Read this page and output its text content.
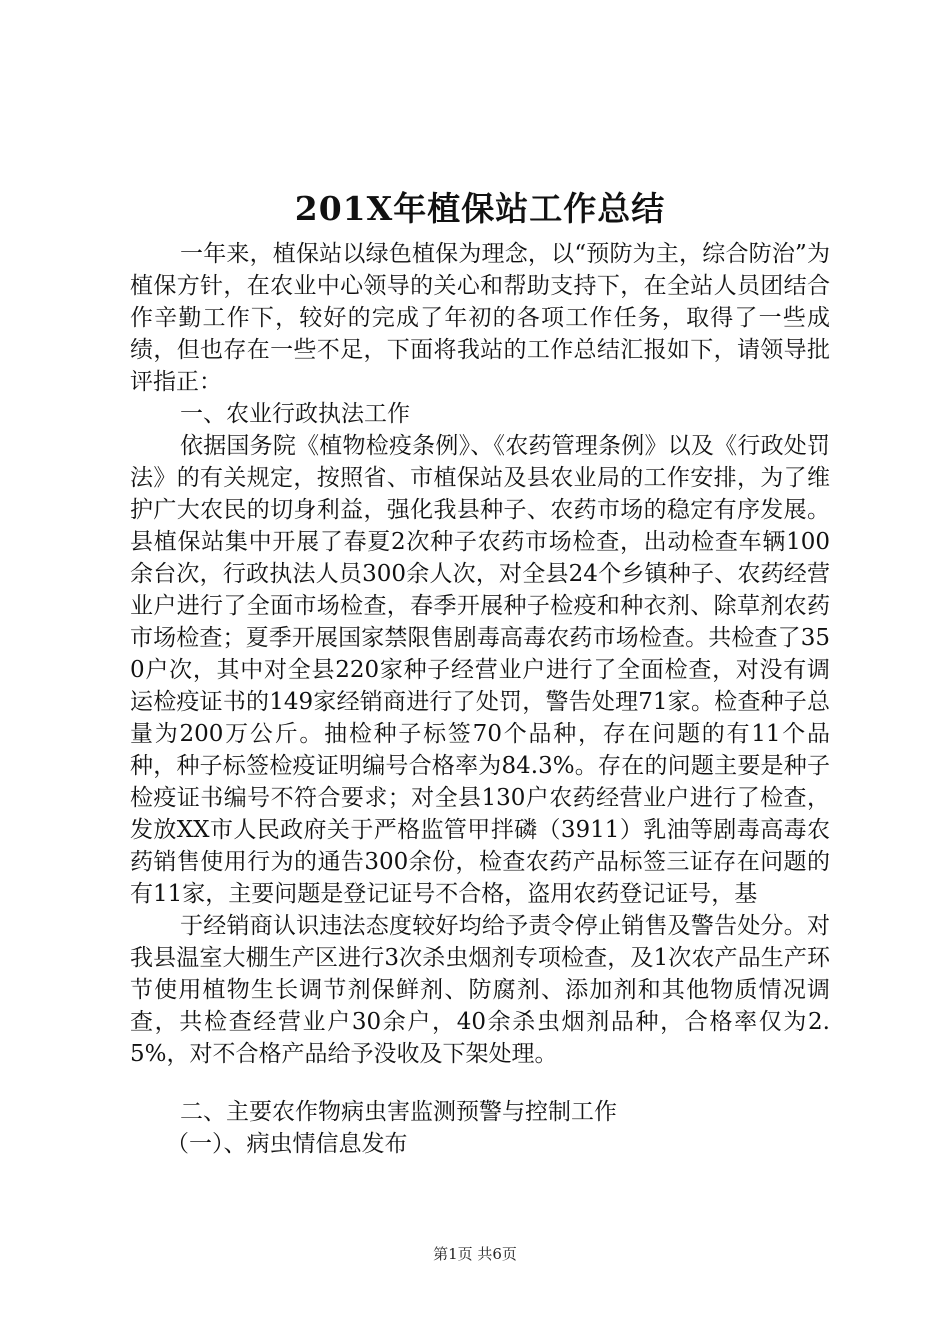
201X年植保站工作总结

一年来，植保站以绿色植保为理念，以“预防为主，综合防治”为植保方针，在农业中心领导的关心和帮助支持下，在全站人员团结合作辛勤工作下，较好的完成了年初的各项工作任务，取得了一些成绩，但也存在一些不足，下面将我站的工作总结汇报如下，请领导批评指正：

一、农业行政执法工作

依据国务院《植物检疫条例》、《农药管理条例》以及《行政处罚法》的有关规定，按照省、市植保站及县农业局的工作安排，为了维护广大农民的切身利益，强化我县种子、农药市场的稳定有序发展。县植保站集中开展了春夏2次种子农药市场检查，出动检查车辆100余台次，行政执法人员300余人次，对全县24个乡镇种子、农药经营业户进行了全面市场检查，春季开展种子检疫和种衣剂、除草剂农药市场检查；夏季开展国家禁限售剧毒高毒农药市场检查。共检查了350户次，其中对全县220家种子经营业户进行了全面检查，对没有调运检疫证书的149家经销商进行了处罚，警告处理71家。检查种子总量为200万公斤。抽检种子标签70个品种，存在问题的有11个品种，种子标签检疫证明编号合格率为84.3%。存在的问题主要是种子检疫证书编号不符合要求；对全县130户农药经营业户进行了检查，发放XX市人民政府关于严格监管甲拌磷（3911）乳油等剧毒高毒农药销售使用行为的通告300余份，检查农药产品标签三证存在问题的有11家，主要问题是登记证号不合格，盗用农药登记证号，基

于经销商认识违法态度较好均给予责令停止销售及警告处分。对我县温室大棚生产区进行3次杀虫烟剂专项检查，及1次农产品生产环节使用植物生长调节剂保鲜剂、防腐剂、添加剂和其他物质情况调查，共检查经营业户30余户，40余杀虫烟剂品种，合格率仅为2.5%，对不合格产品给予没收及下架处理。

二、主要农作物病虫害监测预警与控制工作

（一）、病虫情信息发布

第1页 共6页
